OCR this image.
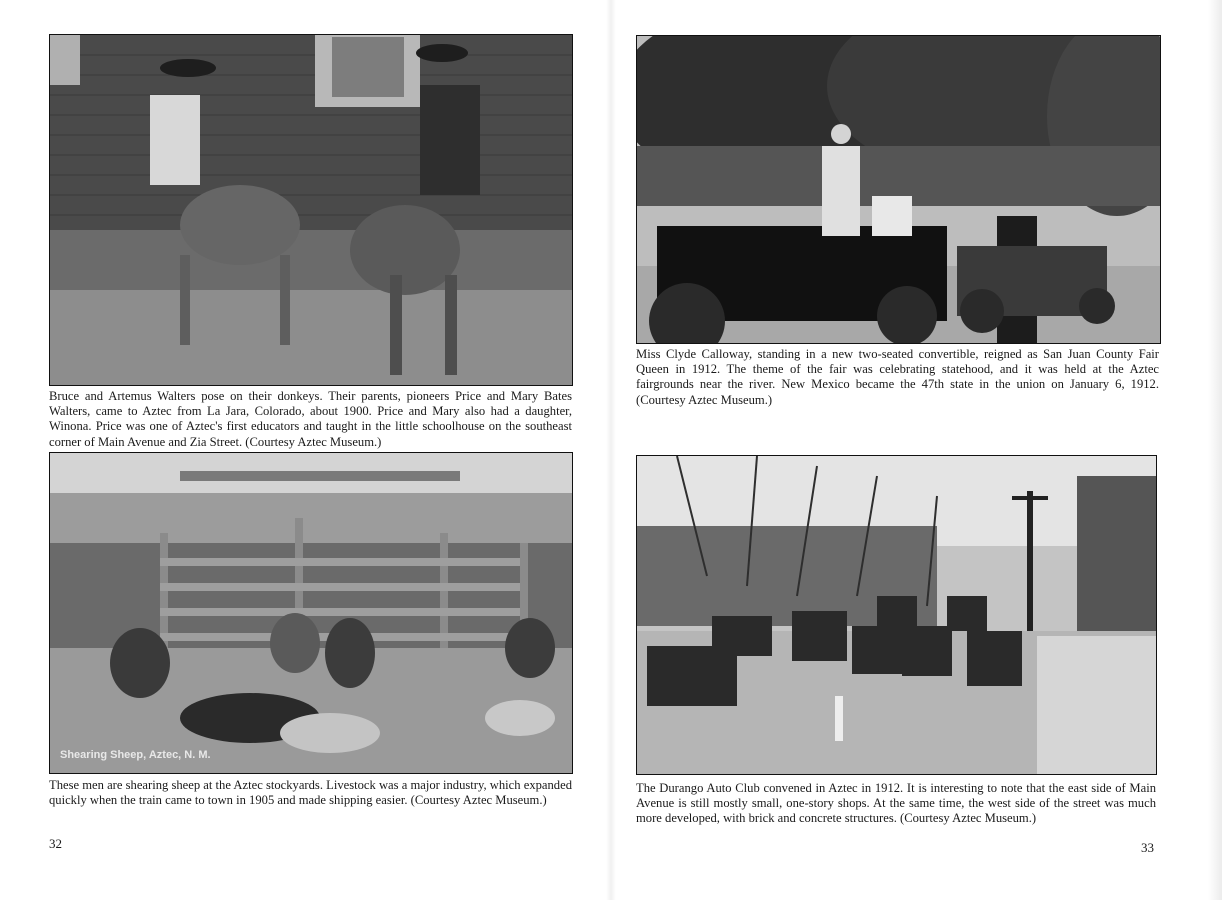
Bruce and Artemus Walters pose on their donkeys. Their parents, pioneers Price and Mary Bates Walters, came to Aztec from La Jara, Colorado, about 1900. Price and Mary also had a daughter, Winona. Price was one of Aztec's first educators and taught in the little schoolhouse on the southeast corner of Main Avenue and Zia Street. (Courtesy Aztec Museum.)

Shearing Sheep, Aztec, N. M.

These men are shearing sheep at the Aztec stockyards. Livestock was a major industry, which expanded quickly when the train came to town in 1905 and made shipping easier. (Courtesy Aztec Museum.)

32

Miss Clyde Calloway, standing in a new two-seated convertible, reigned as San Juan County Fair Queen in 1912. The theme of the fair was celebrating statehood, and it was held at the Aztec fairgrounds near the river. New Mexico became the 47th state in the union on January 6, 1912. (Courtesy Aztec Museum.)

The Durango Auto Club convened in Aztec in 1912. It is interesting to note that the east side of Main Avenue is still mostly small, one-story shops. At the same time, the west side of the street was much more developed, with brick and concrete structures. (Courtesy Aztec Museum.)

33
